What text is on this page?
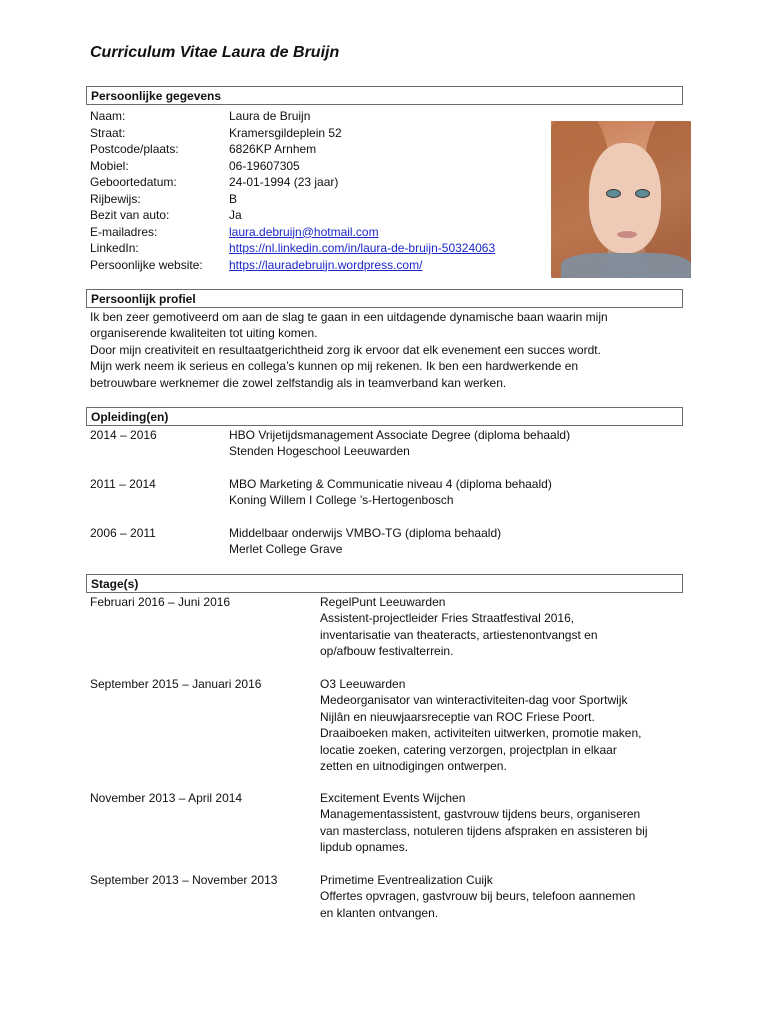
Curriculum Vitae Laura de Bruijn
Persoonlijke gegevens
Naam:	Laura de Bruijn
Straat:	Kramersgildeplein 52
Postcode/plaats:	6826KP Arnhem
Mobiel:	06-19607305
Geboortedatum:	24-01-1994 (23 jaar)
Rijbewijs:	B
Bezit van auto:	Ja
E-mailadres:	laura.debruijn@hotmail.com
LinkedIn:	https://nl.linkedin.com/in/laura-de-bruijn-50324063
Persoonlijke website: https://lauradebruijn.wordpress.com/
Persoonlijk profiel
Ik ben zeer gemotiveerd om aan de slag te gaan in een uitdagende dynamische baan waarin mijn
organiserende kwaliteiten tot uiting komen.
Door mijn creativiteit en resultaatgerichtheid zorg ik ervoor dat elk evenement een succes wordt.
Mijn werk neem ik serieus en collega’s kunnen op mij rekenen. Ik ben een hardwerkende en
betrouwbare werknemer die zowel zelfstandig als in teamverband kan werken.
Opleiding(en)
2014 – 2016	HBO Vrijetijdsmanagement Associate Degree (diploma behaald)
Stenden Hogeschool Leeuwarden
2011 – 2014	MBO Marketing & Communicatie niveau 4 (diploma behaald)
Koning Willem I College ’s-Hertogenbosch
2006 – 2011	Middelbaar onderwijs VMBO-TG (diploma behaald)
Merlet College Grave
Stage(s)
Februari 2016 – Juni 2016	RegelPunt Leeuwarden
Assistent-projectleider Fries Straatfestival 2016,
inventarisatie van theateracts, artiestenontvangst en
op/afbouw festivalterrein.
September 2015 – Januari 2016	O3 Leeuwarden
Medeorganisator van winteractiviteiten-dag voor Sportwijk
Nijlân en nieuwjaarsreceptie van ROC Friese Poort.
Draaiboeken maken, activiteiten uitwerken, promotie maken,
locatie zoeken, catering verzorgen, projectplan in elkaar
zetten en uitnodigingen ontwerpen.
November 2013 – April 2014	Excitement Events Wijchen
Managementassistent, gastvrouw tijdens beurs, organiseren
van masterclass, notuleren tijdens afspraken en assisteren bij
lipdub opnames.
September 2013 – November 2013	Primetime Eventrealization Cuijk
Offertes opvragen, gastvrouw bij beurs, telefoon aannemen
en klanten ontvangen.
